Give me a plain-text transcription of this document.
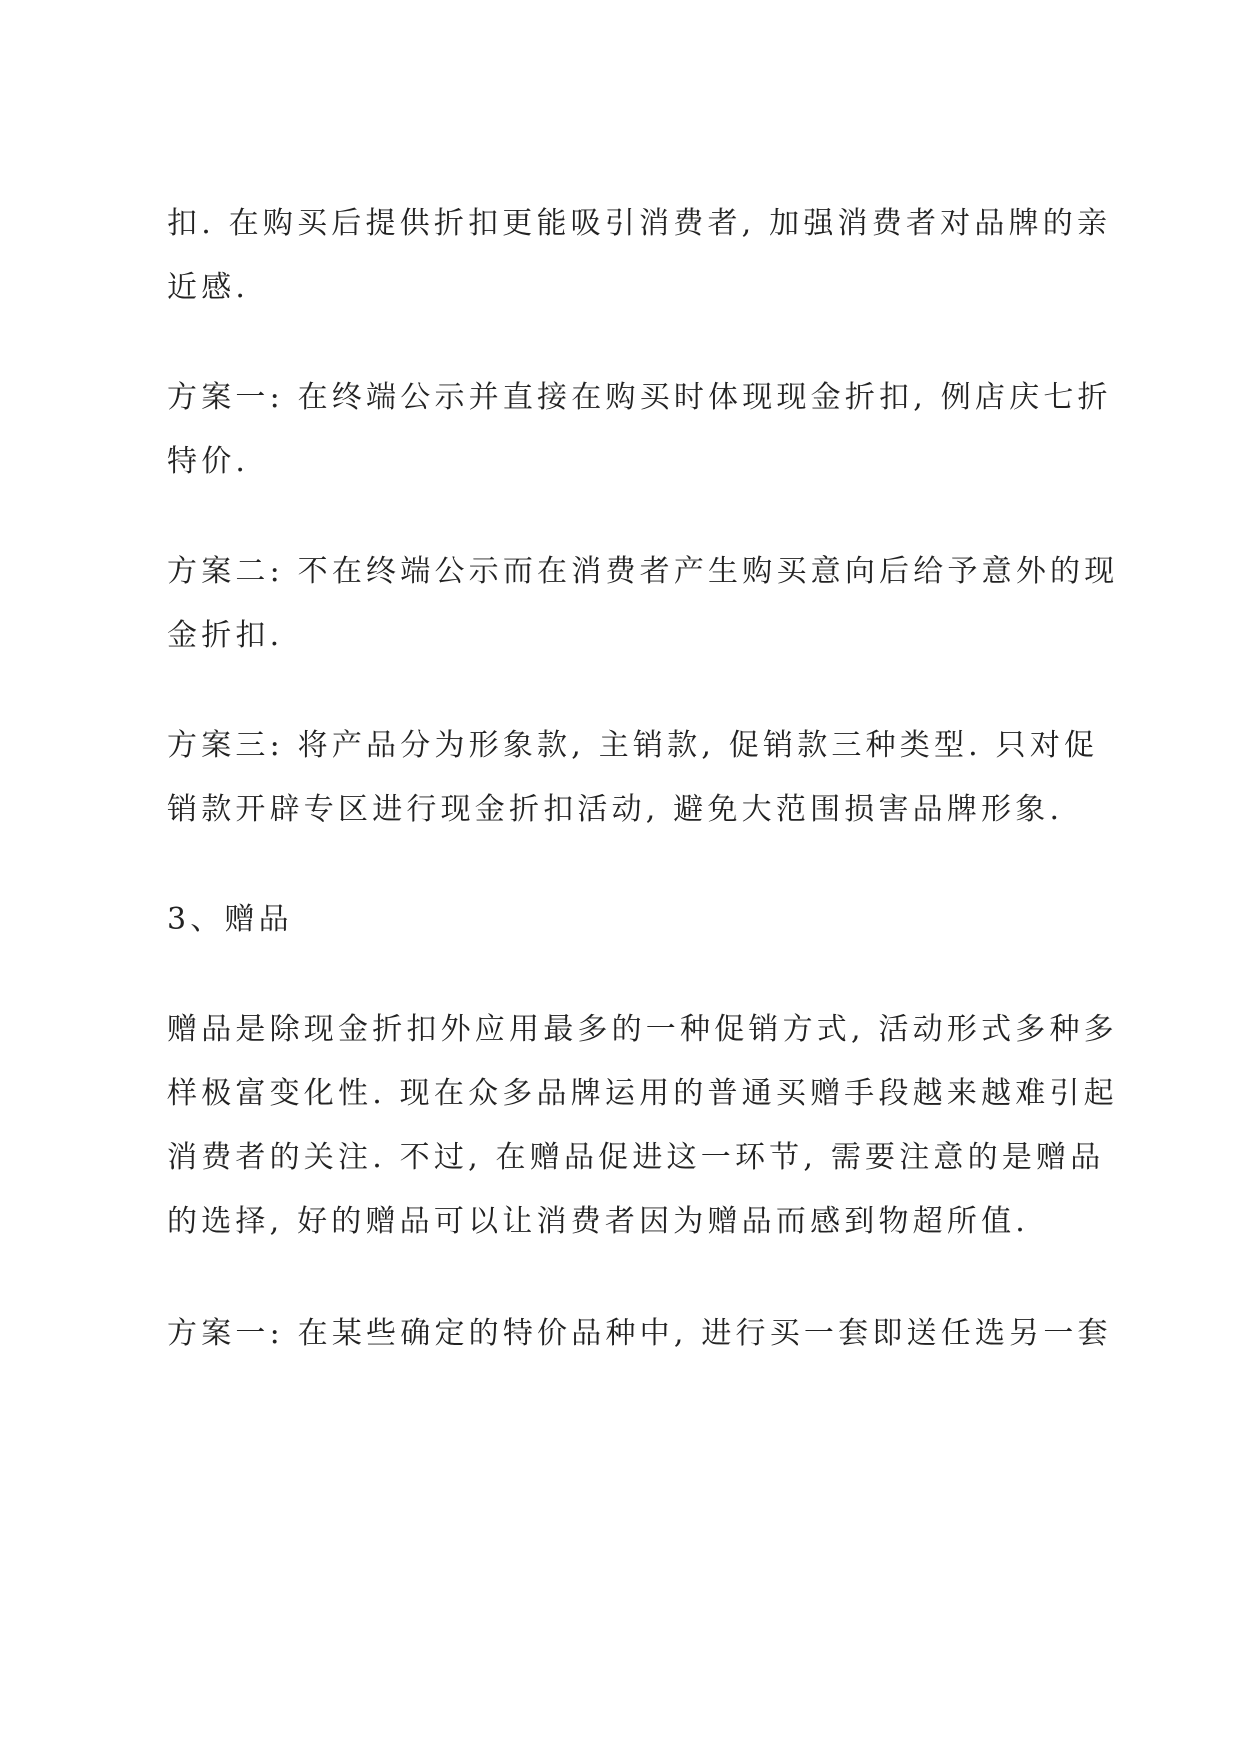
扣. 在购买后提供折扣更能吸引消费者, 加强消费者对品牌的亲
近感.

方案一: 在终端公示并直接在购买时体现现金折扣, 例店庆七折
特价.

方案二: 不在终端公示而在消费者产生购买意向后给予意外的现
金折扣.

方案三: 将产品分为形象款, 主销款, 促销款三种类型. 只对促
销款开辟专区进行现金折扣活动, 避免大范围损害品牌形象.

3、赠品

赠品是除现金折扣外应用最多的一种促销方式, 活动形式多种多
样极富变化性. 现在众多品牌运用的普通买赠手段越来越难引起
消费者的关注. 不过, 在赠品促进这一环节, 需要注意的是赠品
的选择, 好的赠品可以让消费者因为赠品而感到物超所值.

方案一: 在某些确定的特价品种中, 进行买一套即送任选另一套
